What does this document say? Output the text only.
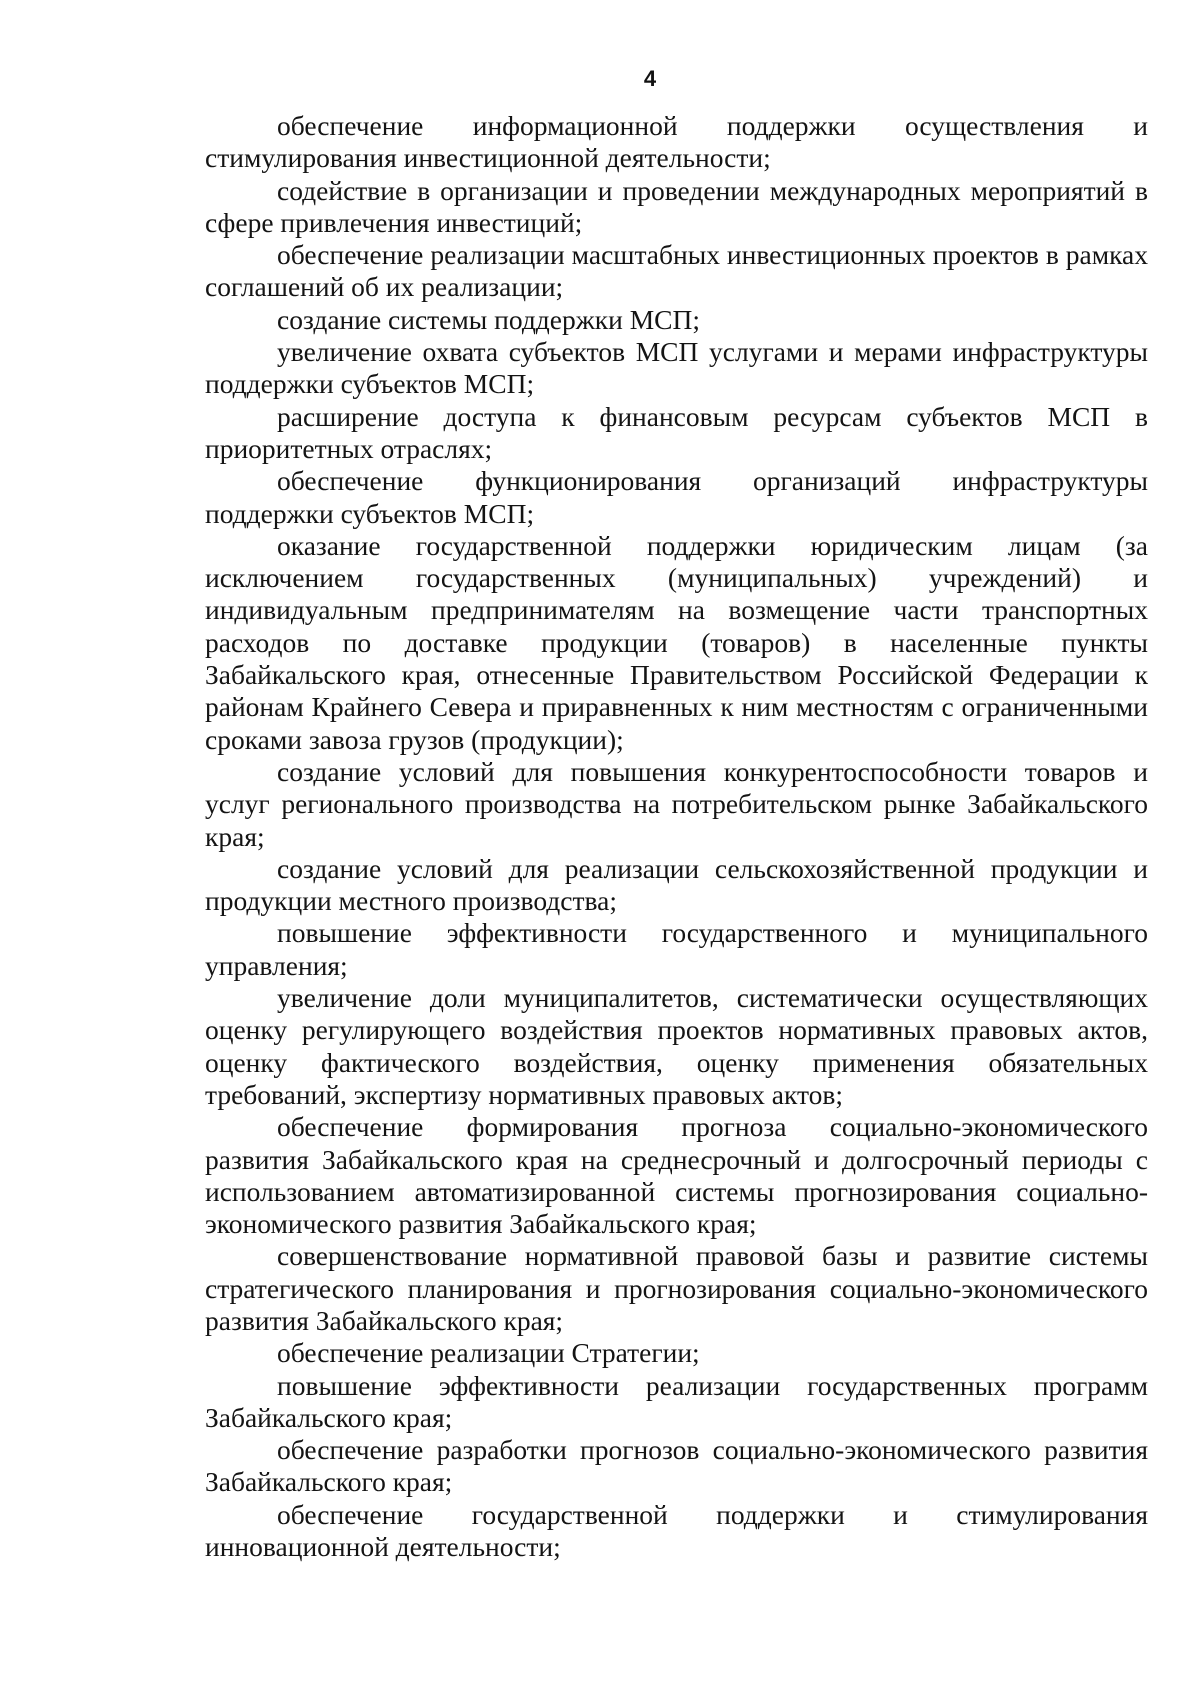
4

обеспечение информационной поддержки осуществления и стимулирования инвестиционной деятельности;

содействие в организации и проведении международных мероприятий в сфере привлечения инвестиций;

обеспечение реализации масштабных инвестиционных проектов в рамках соглашений об их реализации;

создание системы поддержки МСП;

увеличение охвата субъектов МСП услугами и мерами инфраструктуры поддержки субъектов МСП;

расширение доступа к финансовым ресурсам субъектов МСП в приоритетных отраслях;

обеспечение функционирования организаций инфраструктуры поддержки субъектов МСП;

оказание государственной поддержки юридическим лицам (за исключением государственных (муниципальных) учреждений) и индивидуальным предпринимателям на возмещение части транспортных расходов по доставке продукции (товаров) в населенные пункты Забайкальского края, отнесенные Правительством Российской Федерации к районам Крайнего Севера и приравненных к ним местностям с ограниченными сроками завоза грузов (продукции);

создание условий для повышения конкурентоспособности товаров и услуг регионального производства на потребительском рынке Забайкальского края;

создание условий для реализации сельскохозяйственной продукции и продукции местного производства;

повышение эффективности государственного и муниципального управления;

увеличение доли муниципалитетов, систематически осуществляющих оценку регулирующего воздействия проектов нормативных правовых актов, оценку фактического воздействия, оценку применения обязательных требований, экспертизу нормативных правовых актов;

обеспечение формирования прогноза социально-экономического развития Забайкальского края на среднесрочный и долгосрочный периоды с использованием автоматизированной системы прогнозирования социально-экономического развития Забайкальского края;

совершенствование нормативной правовой базы и развитие системы стратегического планирования и прогнозирования социально-экономического развития Забайкальского края;

обеспечение реализации Стратегии;

повышение эффективности реализации государственных программ Забайкальского края;

обеспечение разработки прогнозов социально-экономического развития Забайкальского края;

обеспечение государственной поддержки и стимулирования инновационной деятельности;
